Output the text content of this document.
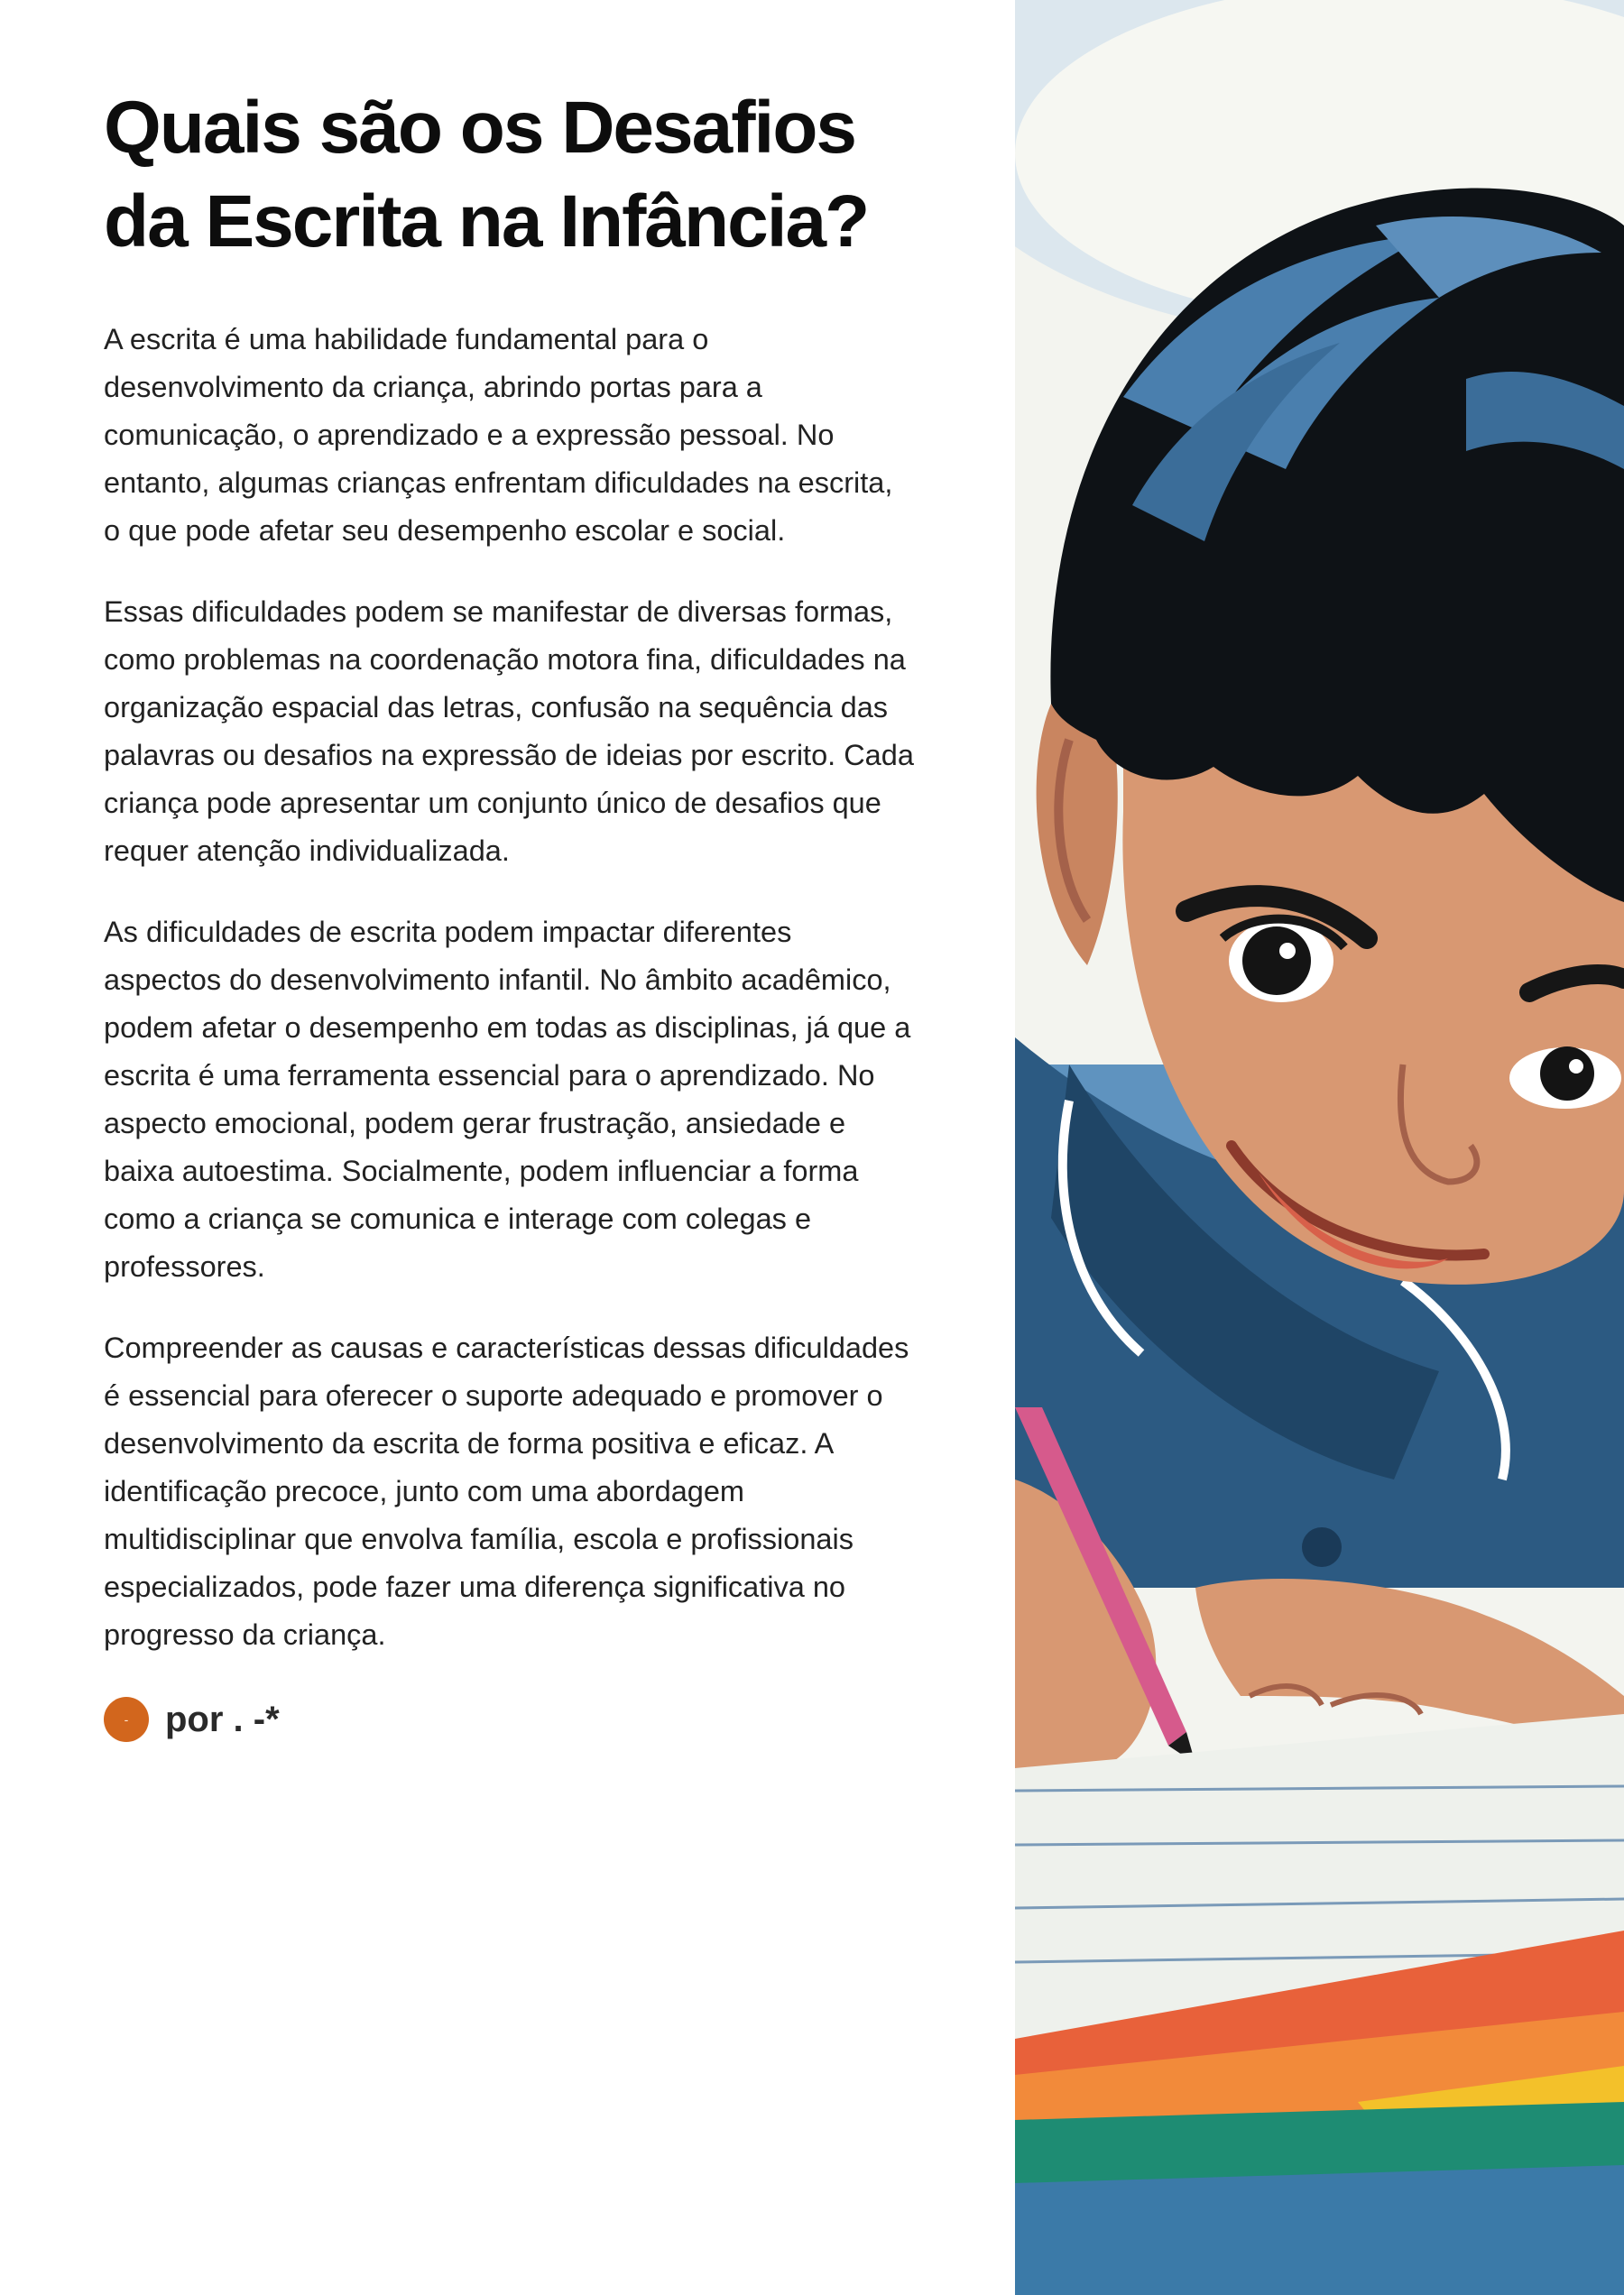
Quais são os Desafios
da Escrita na Infância?

A escrita é uma habilidade fundamental para o desenvolvimento da criança, abrindo portas para a comunicação, o aprendizado e a expressão pessoal. No entanto, algumas crianças enfrentam dificuldades na escrita, o que pode afetar seu desempenho escolar e social.

Essas dificuldades podem se manifestar de diversas formas, como problemas na coordenação motora fina, dificuldades na organização espacial das letras, confusão na sequência das palavras ou desafios na expressão de ideias por escrito. Cada criança pode apresentar um conjunto único de desafios que requer atenção individualizada.

As dificuldades de escrita podem impactar diferentes aspectos do desenvolvimento infantil. No âmbito acadêmico, podem afetar o desempenho em todas as disciplinas, já que a escrita é uma ferramenta essencial para o aprendizado. No aspecto emocional, podem gerar frustração, ansiedade e baixa autoestima. Socialmente, podem influenciar a forma como a criança se comunica e interage com colegas e professores.

Compreender as causas e características dessas dificuldades é essencial para oferecer o suporte adequado e promover o desenvolvimento da escrita de forma positiva e eficaz. A identificação precoce, junto com uma abordagem multidisciplinar que envolva família, escola e profissionais especializados, pode fazer uma diferença significativa no progresso da criança.

- por . -*
